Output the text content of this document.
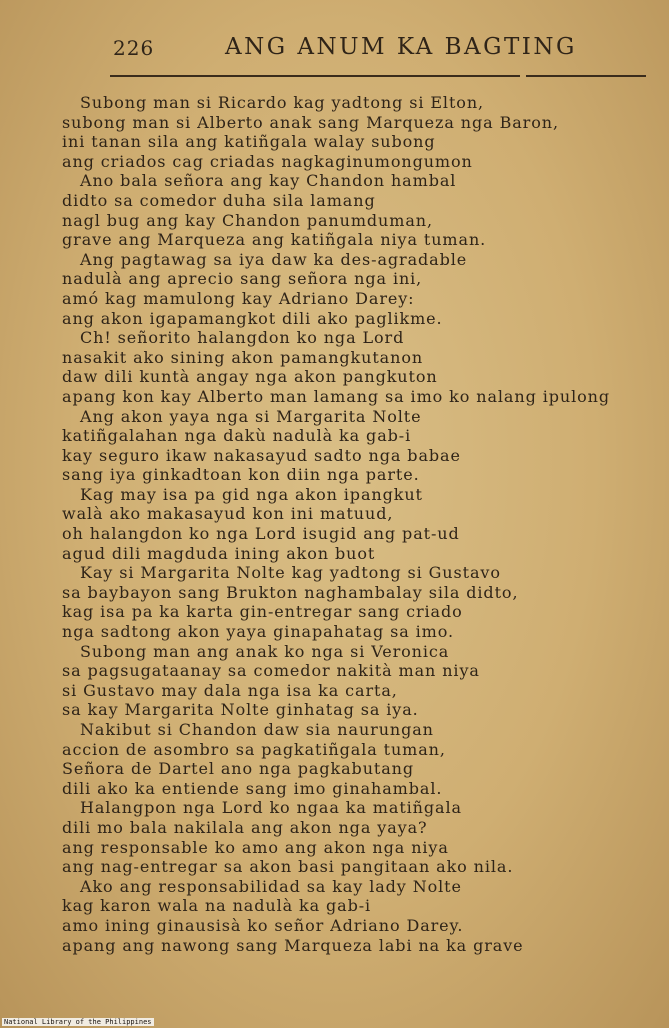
226	ANG ANUM KA BAGTING
Subong man si Ricardo kag yadtong si Elton,
subong man si Alberto anak sang Marqueza nga Baron,
ini tanan sila ang katiñgala walay subong
ang criados cag criadas nagkaginumongumon
Ano bala señora ang kay Chandon hambal
didto sa comedor duha sila lamang
nagl bug ang kay Chandon panumduman,
grave ang Marqueza ang katiñgala niya tuman.
Ang pagtawag sa iya daw ka des-agradable
nadulà ang aprecio sang señora nga ini,
amó kag mamulong kay Adriano Darey:
ang akon igapamangkot dili ako paglikme.
Ch! señorito halangdon ko nga Lord
nasakit ako sining akon pamangkutanon
daw dili kuntà angay nga akon pangkuton
apang kon kay Alberto man lamang sa imo ko nalang ipulong
Ang akon yaya nga si Margarita Nolte
katiñgalahan nga dakù nadulà ka gab-i
kay seguro ikaw nakasayud sadto nga babae
sang iya ginkadtoan kon diin nga parte.
Kag may isa pa gid nga akon ipangkut
walà ako makasayud kon ini matuud,
oh halangdon ko nga Lord isugid ang pat-ud
agud dili magduda ining akon buot
Kay si Margarita Nolte kag yadtong si Gustavo
sa baybayon sang Brukton naghambalay sila didto,
kag isa pa ka karta gin-entregar sang criado
nga sadtong akon yaya ginapahatag sa imo.
Subong man ang anak ko nga si Veronica
sa pagsugataanay sa comedor nakità man niya
si Gustavo may dala nga isa ka carta,
sa kay Margarita Nolte ginhatag sa iya.
Nakibut si Chandon daw sia naurungan
accion de asombro sa pagkatiñgala tuman,
Señora de Dartel ano nga pagkabutang
dili ako ka entiende sang imo ginahambal.
Halangpon nga Lord ko ngaa ka matiñgala
dili mo bala nakilala ang akon nga yaya?
ang responsable ko amo ang akon nga niya
ang nag-entregar sa akon basi pangitaan ako nila.
Ako ang responsabilidad sa kay lady Nolte
kag karon wala na nadulà ka gab-i
amo ining ginausisà ko señor Adriano Darey.
apang ang nawong sang Marqueza labi na ka grave
National Library of the Philippines
